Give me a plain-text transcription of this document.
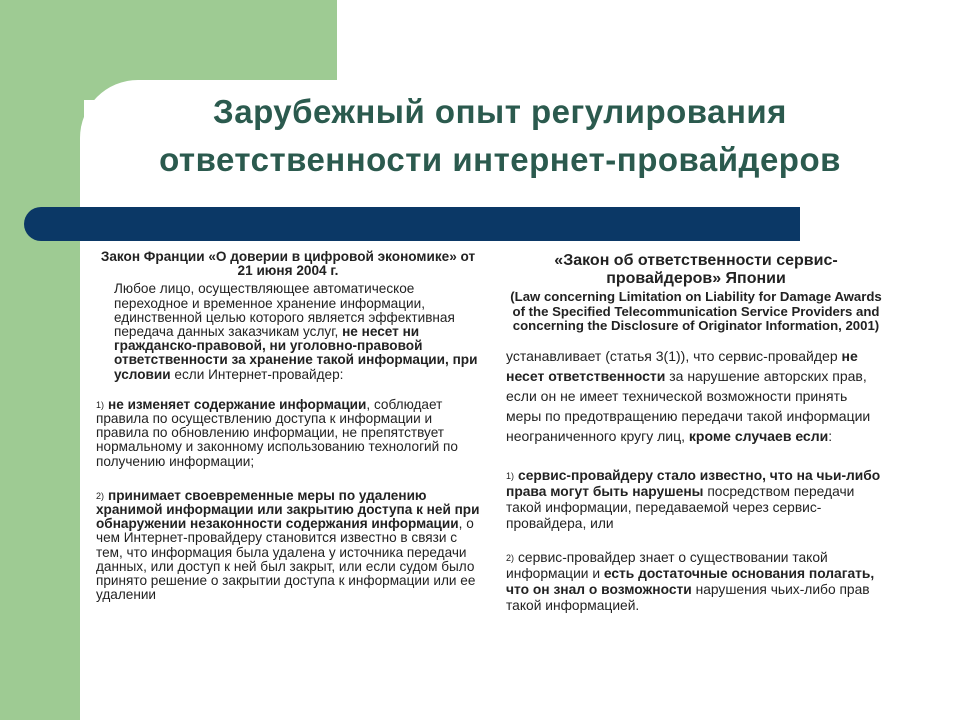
Зарубежный опыт регулирования
ответственности интернет-провайдеров

Закон Франции «О доверии в цифровой экономике» от 21 июня 2004 г.

Любое лицо, осуществляющее автоматическое переходное и временное хранение информации, единственной целью которого является эффективная передача данных заказчикам услуг, не несет ни гражданско-правовой, ни уголовно-правовой ответственности за хранение такой информации, при условии если Интернет-провайдер:

1) не изменяет содержание информации, соблюдает правила по осуществлению доступа к информации и правила по обновлению информации, не препятствует нормальному и законному использованию технологий по получению информации;

2) принимает своевременные меры по удалению хранимой информации или закрытию доступа к ней при обнаружении незаконности содержания информации, о чем Интернет-провайдеру становится известно в связи с тем, что информация была удалена у источника передачи данных, или доступ к ней был закрыт, или если судом было принято решение о закрытии доступа к информации или ее удалении

«Закон об ответственности сервис-провайдеров» Японии

(Law concerning Limitation on Liability for Damage Awards of the Specified Telecommunication Service Providers and concerning the Disclosure of Originator Information, 2001)

устанавливает (статья 3(1)), что сервис-провайдер не несет ответственности за нарушение авторских прав, если он не имеет технической возможности принять меры по предотвращению передачи такой информации неограниченного кругу лиц, кроме случаев если:

1) сервис-провайдеру стало известно, что на чьи-либо права могут быть нарушены посредством передачи такой информации, передаваемой через сервис-провайдера, или

2) сервис-провайдер знает о существовании такой информации и есть достаточные основания полагать, что он знал о возможности нарушения чьих-либо прав такой информацией.
